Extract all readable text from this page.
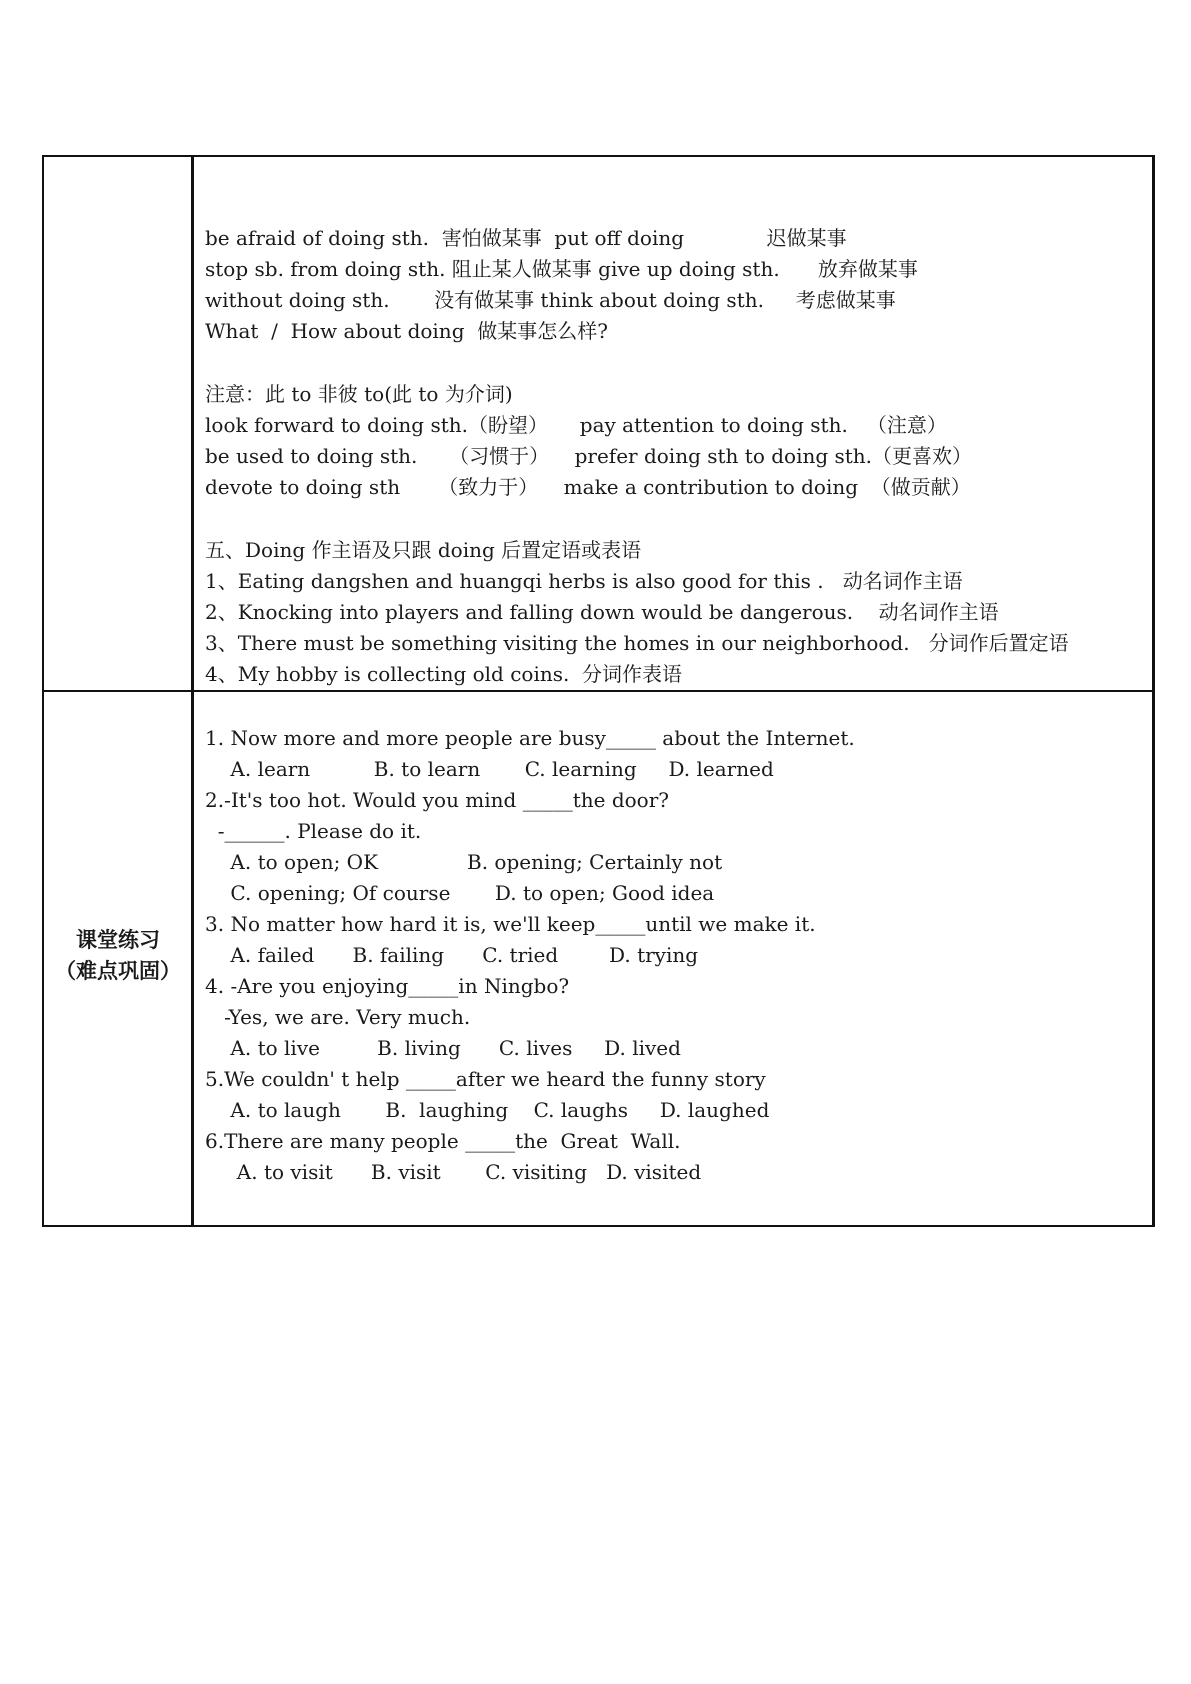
课堂练习
（难点巩固）
be afraid of doing sth.  害怕做某事  put off doing             迟做某事
stop sb. from doing sth. 阻止某人做某事 give up doing sth.      放弃做某事
without doing sth.       没有做某事 think about doing sth.     考虑做某事
What  /  How about doing  做某事怎么样?
注意：此 to 非彼 to(此 to 为介词)
look forward to doing sth.（盼望）     pay attention to doing sth.   （注意）
be used to doing sth.     （习惯于）    prefer doing sth to doing sth.（更喜欢）
devote to doing sth      （致力于）    make a contribution to doing  （做贡献）
五、Doing 作主语及只跟 doing 后置定语或表语
1、Eating dangshen and huangqi herbs is also good for this .   动名词作主语
2、Knocking into players and falling down would be dangerous.    动名词作主语
3、There must be something visiting the homes in our neighborhood.   分词作后置定语
4、My hobby is collecting old coins.  分词作表语
1. Now more and more people are busy_____ about the Internet.
A. learn          B. to learn       C. learning     D. learned
2.-It's too hot. Would you mind _____the door?
-______. Please do it.
A. to open; OK              B. opening; Certainly not
C. opening; Of course       D. to open; Good idea
3. No matter how hard it is, we'll keep_____until we make it.
A. failed      B. failing      C. tried        D. trying
4. -Are you enjoying_____in Ningbo?
-Yes, we are. Very much.
A. to live         B. living      C. lives     D. lived
5.We couldn' t help _____after we heard the funny story
A. to laugh       B.  laughing    C. laughs     D. laughed
6.There are many people _____the  Great  Wall.
A. to visit      B. visit       C. visiting   D. visited
